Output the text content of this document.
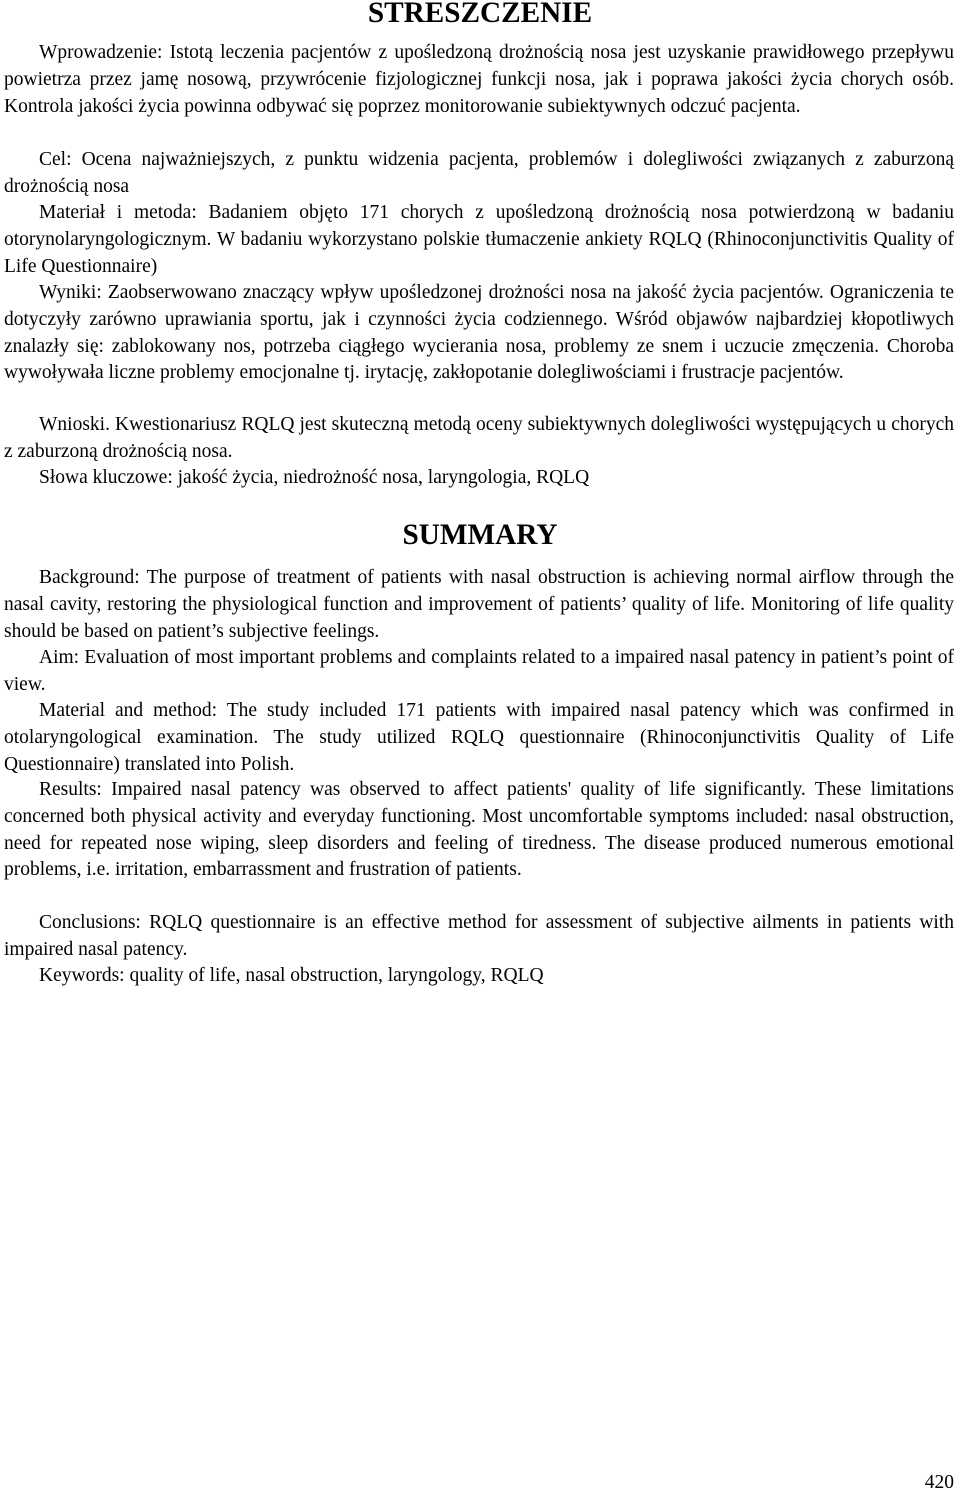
STRESZCZENIE

Wprowadzenie: Istotą leczenia pacjentów z upośledzoną drożnością nosa jest uzyskanie prawidłowego przepływu powietrza przez jamę nosową, przywrócenie fizjologicznej funkcji nosa, jak i poprawa jakości życia chorych osób. Kontrola jakości życia powinna odbywać się poprzez monitorowanie subiektywnych odczuć pacjenta.

Cel: Ocena najważniejszych, z punktu widzenia pacjenta, problemów i dolegliwości związanych z zaburzoną drożnością nosa

Materiał i metoda: Badaniem objęto 171 chorych z upośledzoną drożnością nosa potwierdzoną w badaniu otorynolaryngologicznym. W badaniu wykorzystano polskie tłumaczenie ankiety RQLQ (Rhinoconjunctivitis Quality of Life Questionnaire)

Wyniki: Zaobserwowano znaczący wpływ upośledzonej drożności nosa na jakość życia pacjentów. Ograniczenia te dotyczyły zarówno uprawiania sportu, jak i czynności życia codziennego. Wśród objawów najbardziej kłopotliwych znalazły się: zablokowany nos, potrzeba ciągłego wycierania nosa, problemy ze snem i uczucie zmęczenia. Choroba wywoływała liczne problemy emocjonalne tj. irytację, zakłopotanie dolegliwościami i frustracje pacjentów.

Wnioski. Kwestionariusz RQLQ jest skuteczną metodą oceny subiektywnych dolegliwości występujących u chorych z zaburzoną drożnością nosa.

Słowa kluczowe: jakość życia, niedrożność nosa, laryngologia, RQLQ

SUMMARY

Background: The purpose of treatment of patients with nasal obstruction is achieving normal airflow through the nasal cavity, restoring the physiological function and improvement of patients’ quality of life. Monitoring of life quality should be based on patient’s subjective feelings.

Aim: Evaluation of most important problems and complaints related to a impaired nasal patency in patient’s point of view.

Material and method: The study included 171 patients with impaired nasal patency which was confirmed in otolaryngological examination. The study utilized RQLQ questionnaire (Rhinoconjunctivitis Quality of Life Questionnaire) translated into Polish.

Results: Impaired nasal patency was observed to affect patients' quality of life significantly. These limitations concerned both physical activity and everyday functioning. Most uncomfortable symptoms included: nasal obstruction, need for repeated nose wiping, sleep disorders and feeling of tiredness. The disease produced numerous emotional problems, i.e. irritation, embarrassment and frustration of patients.

Conclusions: RQLQ questionnaire is an effective method for assessment of subjective ailments in patients with impaired nasal patency.

Keywords: quality of life, nasal obstruction, laryngology, RQLQ

420
